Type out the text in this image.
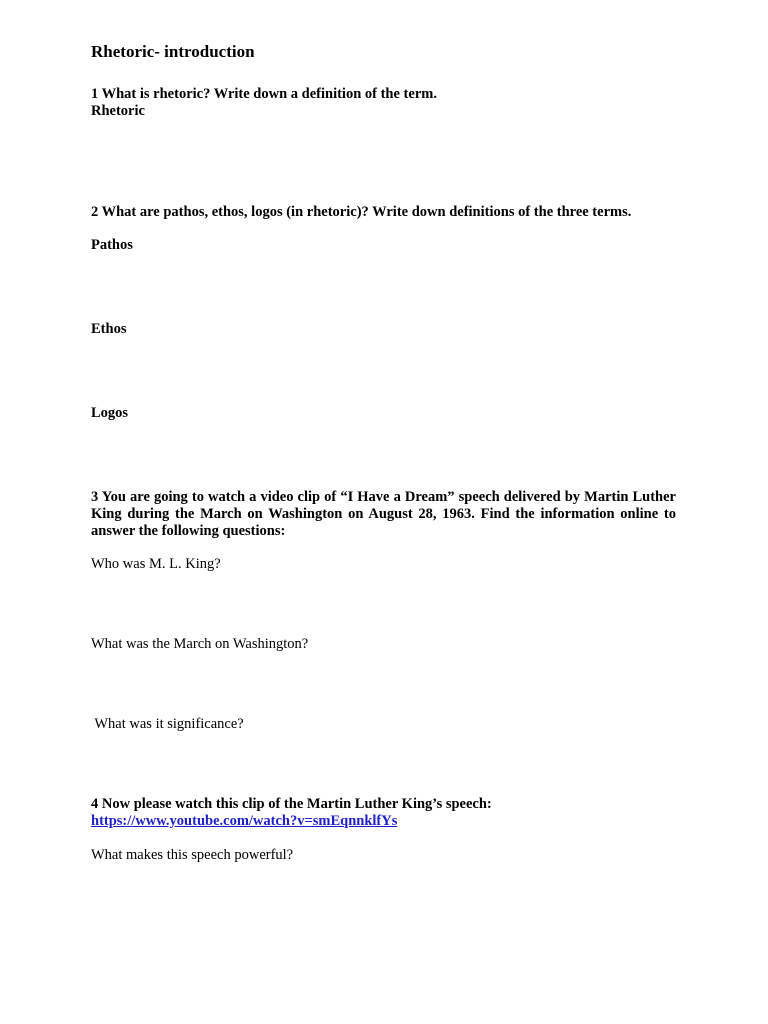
Rhetoric- introduction

1 What is rhetoric? Write down a definition of the term.

Rhetoric

2 What are pathos, ethos, logos (in rhetoric)? Write down definitions of the three terms.

Pathos

Ethos

Logos

3 You are going to watch a video clip of “I Have a Dream” speech delivered by Martin Luther King during the March on Washington on August 28, 1963. Find the information online to answer the following questions:

Who was M. L. King?

What was the March on Washington?

What was it significance?

4 Now please watch this clip of the Martin Luther King’s speech:

https://www.youtube.com/watch?v=smEqnnklfYs

What makes this speech powerful?
